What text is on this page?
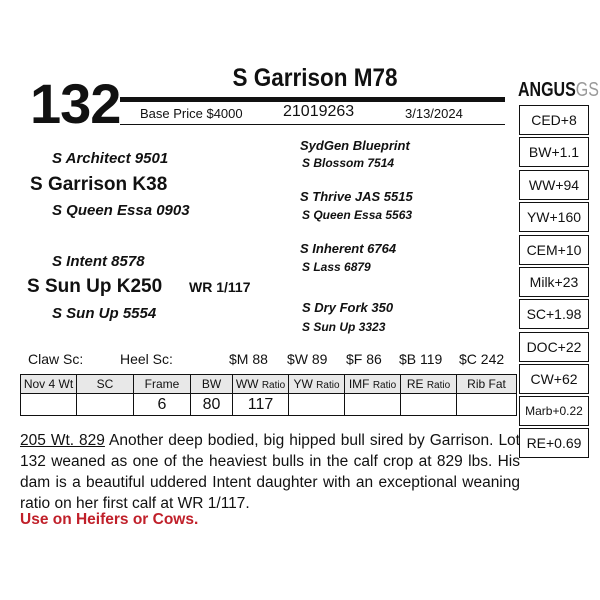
132	S Garrison M78
Base Price $4000	21019263	3/13/2024
ANGUSGS
S Architect 9501
S Garrison K38
S Queen Essa 0903
SydGen Blueprint
S Blossom 7514
S Thrive JAS 5515
S Queen Essa 5563
S Intent 8578
S Sun Up K250 WR 1/117
S Sun Up 5554
S Inherent 6764
S Lass 6879
S Dry Fork 350
S Sun Up 3323
CED+8
BW+1.1
WW+94
YW+160
CEM+10
Milk+23
SC+1.98
DOC+22
CW+62
Marb+0.22
RE+0.69
Claw Sc:	Heel Sc:	$M 88 $W 89 $F 86 $B 119 $C 242
Nov 4 Wt	SC	Frame	BW	WW Ratio	YW Ratio	IMF Ratio	RE Ratio	Rib Fat
		6	80	117				
205 Wt. 829 Another deep bodied, big hipped bull sired by Garrison. Lot 132 weaned as one of the heaviest bulls in the calf crop at 829 lbs. His dam is a beautiful uddered Intent daughter with an exceptional weaning ratio on her first calf at WR 1/117.
Use on Heifers or Cows.
